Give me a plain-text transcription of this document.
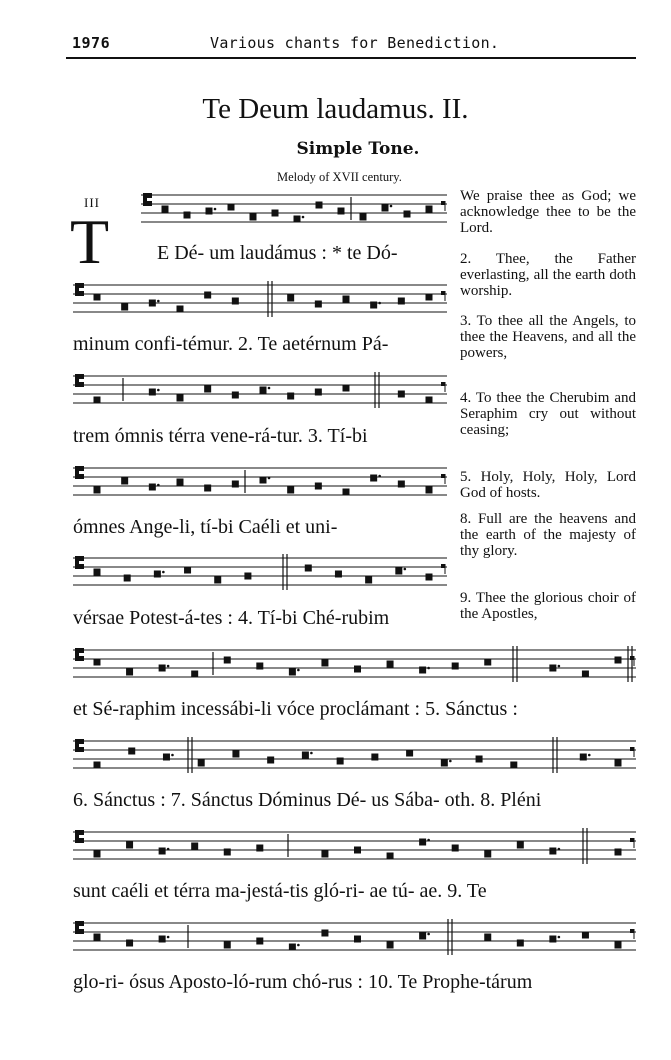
1976	Various chants for Benediction.
Te Deum laudamus. II.
Simple Tone.
Melody of XVII century.
III
T E Dé- um laudámus : * te Dó-
minum confi-témur. 2. Te aetérnum Pá-
trem ómnis térra vene-rá-tur. 3. Tí-bi
ómnes Ange-li, tí-bi Caéli et uni-
vérsae Potest-á-tes : 4. Tí-bi Ché-rubim
et Sé-raphim incessábi-li vóce proclámant : 5. Sánctus :
6. Sánctus : 7. Sánctus Dóminus Dé- us Sába- oth. 8. Pléni
sunt caéli et térra ma-jestá-tis gló-ri- ae tú- ae. 9. Te
glo-ri- ósus Aposto-ló-rum chó-rus : 10. Te Prophe-tárum
We praise thee as God; we acknowledge thee to be the Lord.
2. Thee, the Father everlasting, all the earth doth worship.
3. To thee all the Angels, to thee the Heavens, and all the powers,
4. To thee the Cherubim and Seraphim cry out without ceasing;
5. Holy, Holy, Holy, Lord God of hosts.
8. Full are the heavens and the earth of the majesty of thy glory.
9. Thee the glorious choir of the Apostles,
